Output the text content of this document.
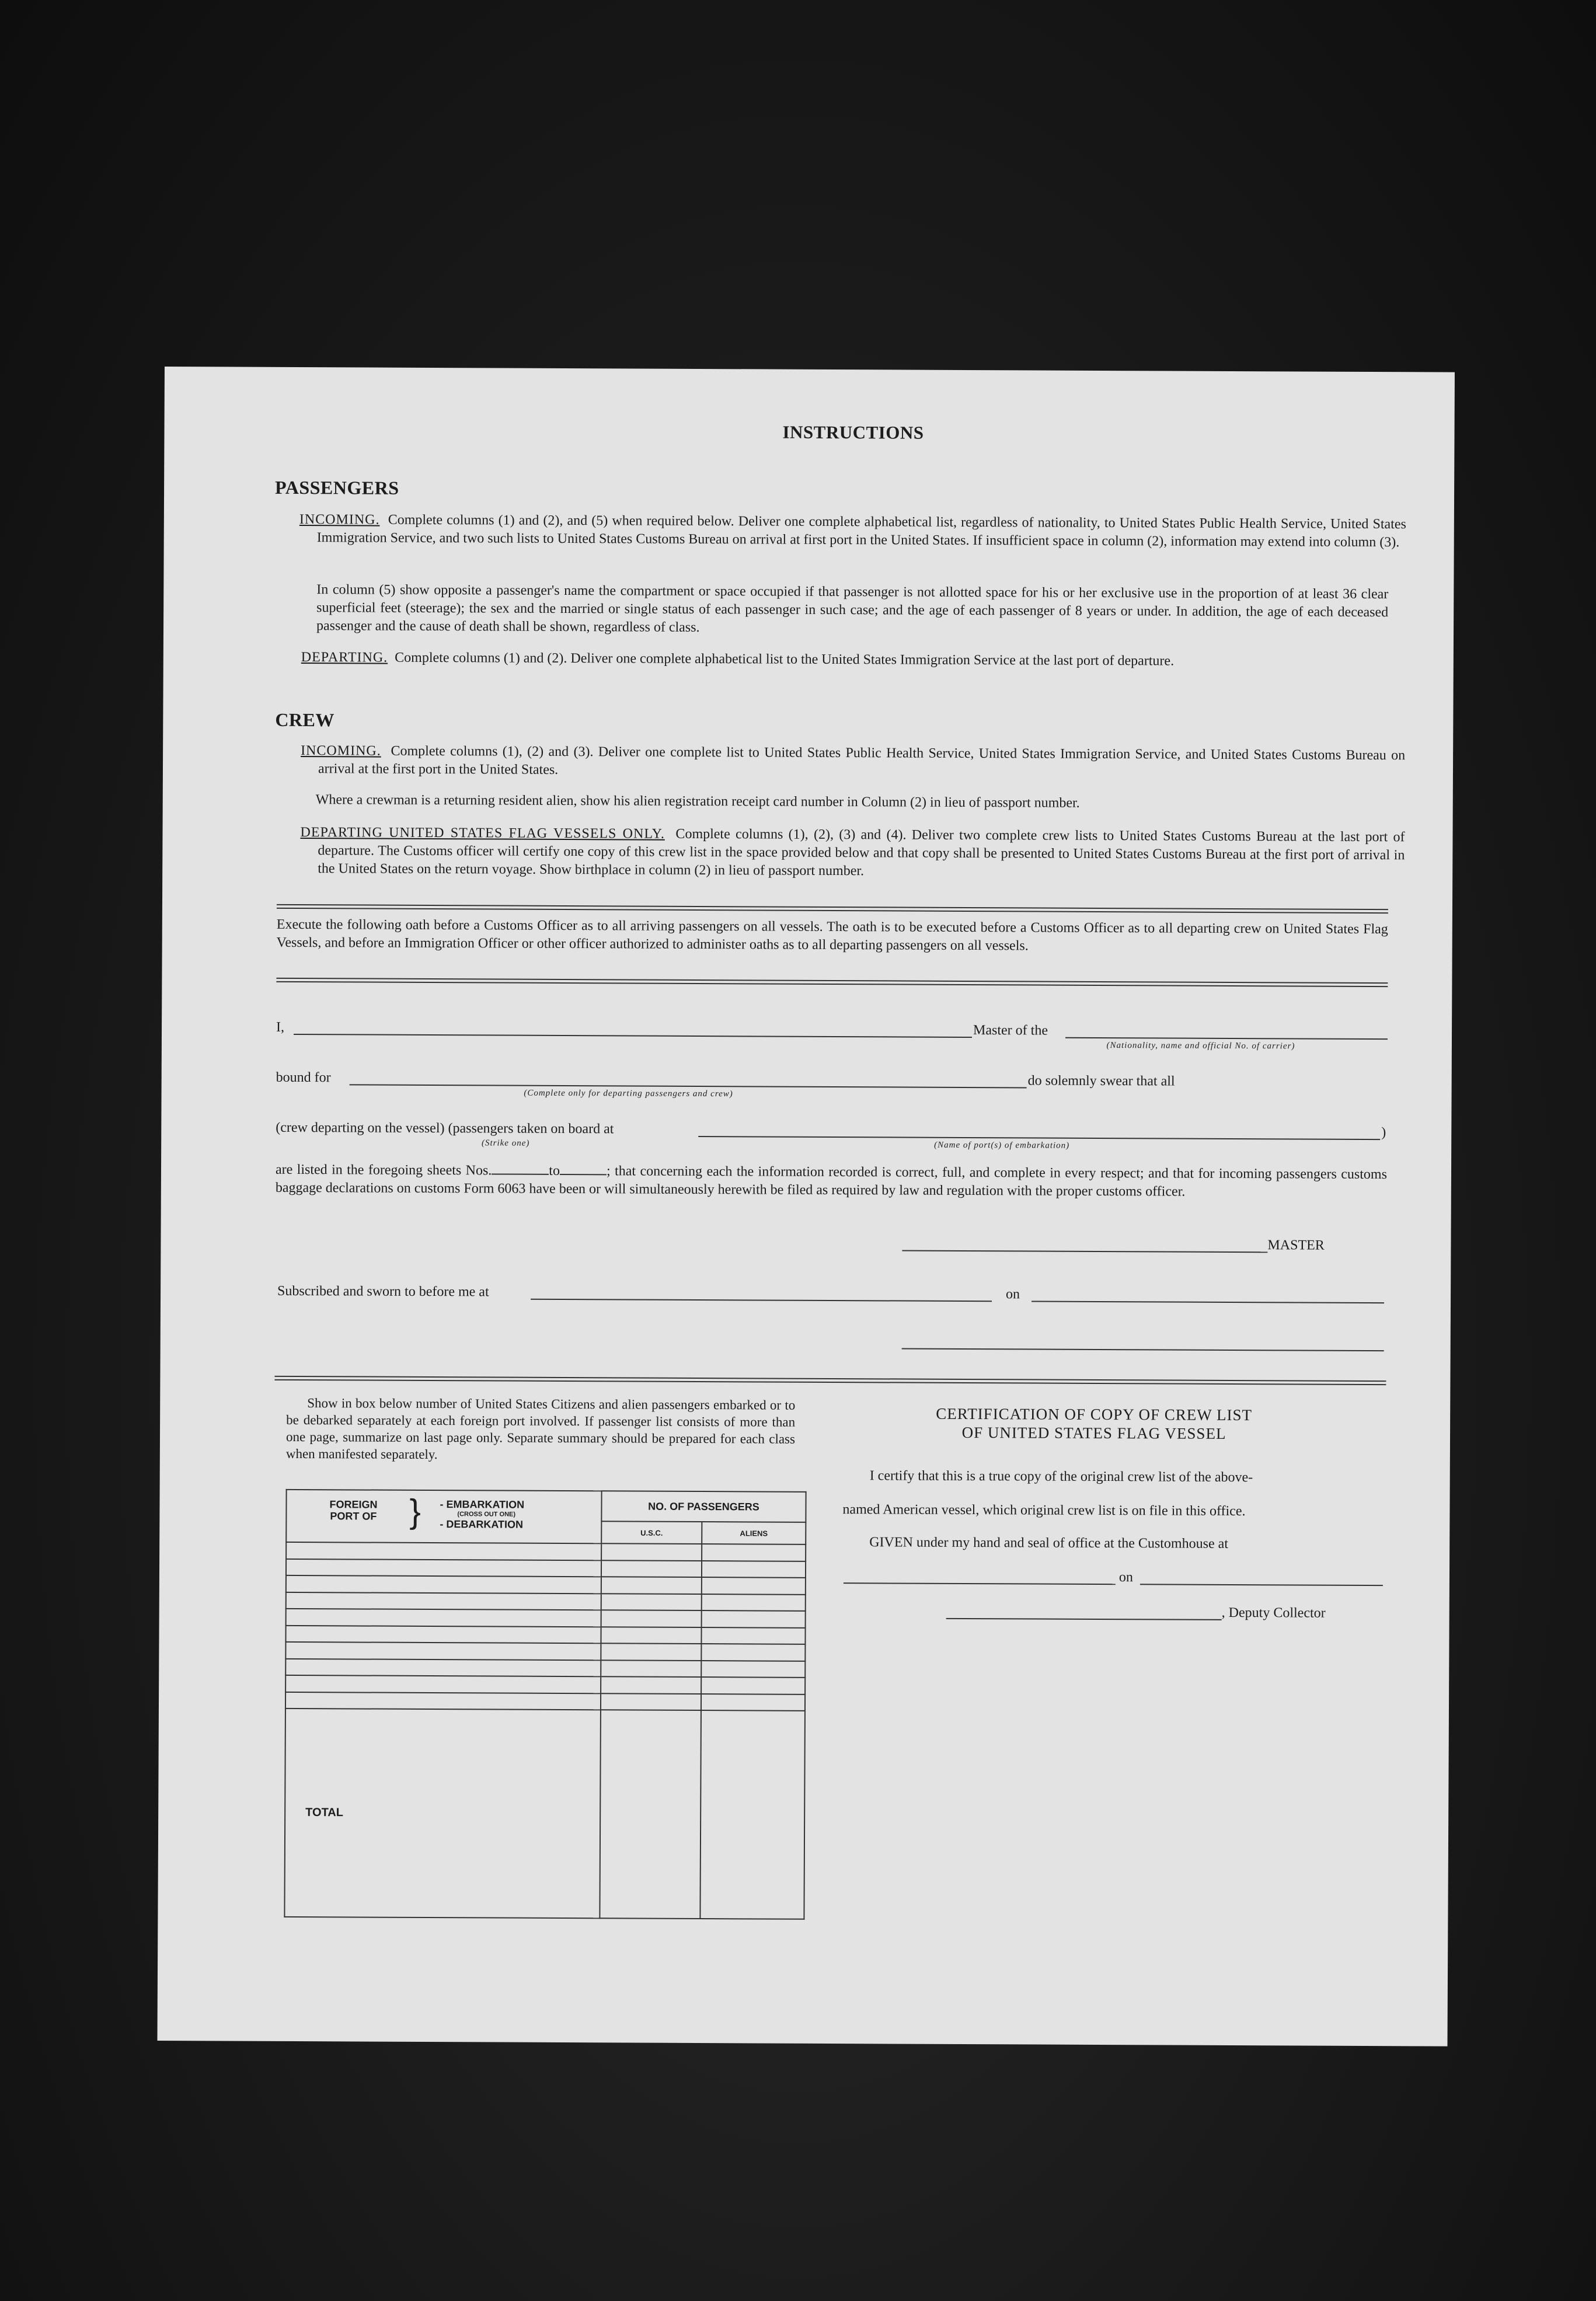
INSTRUCTIONS
PASSENGERS
INCOMING. Complete columns (1) and (2), and (5) when required below. Deliver one complete alphabetical list, regardless of nationality, to United States Public Health Service, United States Immigration Service, and two such lists to United States Customs Bureau on arrival at first port in the United States. If insufficient space in column (2), information may extend into column (3).
In column (5) show opposite a passenger's name the compartment or space occupied if that passenger is not allotted space for his or her exclusive use in the proportion of at least 36 clear superficial feet (steerage); the sex and the married or single status of each passenger in such case; and the age of each passenger of 8 years or under. In addition, the age of each deceased passenger and the cause of death shall be shown, regardless of class.
DEPARTING. Complete columns (1) and (2). Deliver one complete alphabetical list to the United States Immigration Service at the last port of departure.
CREW
INCOMING. Complete columns (1), (2) and (3). Deliver one complete list to United States Public Health Service, United States Immigration Service, and United States Customs Bureau on arrival at the first port in the United States.
Where a crewman is a returning resident alien, show his alien registration receipt card number in Column (2) in lieu of passport number.
DEPARTING UNITED STATES FLAG VESSELS ONLY. Complete columns (1), (2), (3) and (4). Deliver two complete crew lists to United States Customs Bureau at the last port of departure. The Customs officer will certify one copy of this crew list in the space provided below and that copy shall be presented to United States Customs Bureau at the first port of arrival in the United States on the return voyage. Show birthplace in column (2) in lieu of passport number.
Execute the following oath before a Customs Officer as to all arriving passengers on all vessels. The oath is to be executed before a Customs Officer as to all departing crew on United States Flag Vessels, and before an Immigration Officer or other officer authorized to administer oaths as to all departing passengers on all vessels.
I,	Master of the
(Nationality, name and official No. of carrier)
bound for
(Complete only for departing passengers and crew)
do solemnly swear that all
(crew departing on the vessel) (passengers taken on board at	)
(Strike one)	(Name of port(s) of embarkation)
are listed in the foregoing sheets Nos.	to	; that concerning each the information recorded is correct, full, and complete in every respect; and that for incoming passengers customs baggage declarations on customs Form 6063 have been or will simultaneously herewith be filed as required by law and regulation with the proper customs officer.
MASTER
Subscribed and sworn to before me at	on
Show in box below number of United States Citizens and alien passengers embarked or to be debarked separately at each foreign port involved. If passenger list consists of more than one page, summarize on last page only. Separate summary should be prepared for each class when manifested separately.
FOREIGN PORT OF } - EMBARKATION
(CROSS OUT ONE)
- DEBARKATION	NO. OF PASSENGERS	
	U.S.C.	ALIENS

TOTAL		
CERTIFICATION OF COPY OF CREW LIST
OF UNITED STATES FLAG VESSEL
I certify that this is a true copy of the original crew list of the above-
named American vessel, which original crew list is on file in this office.
GIVEN under my hand and seal of office at the Customhouse at
on
, Deputy Collector
